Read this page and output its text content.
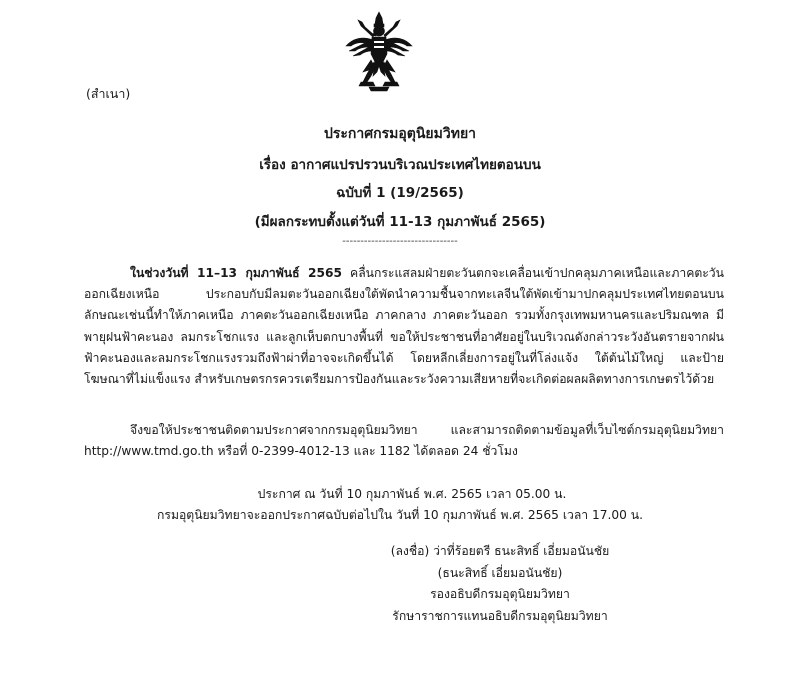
(สำเนา)
ประกาศกรมอุตุนิยมวิทยา
เรื่อง อากาศแปรปรวนบริเวณประเทศไทยตอนบน
ฉบับที่ 1 (19/2565)
(มีผลกระทบตั้งแต่วันที่ 11-13 กุมภาพันธ์ 2565)
--------------------------------

ในช่วงวันที่ 11–13 กุมภาพันธ์ 2565 คลื่นกระแสลมฝ่ายตะวันตกจะเคลื่อนเข้าปกคลุมภาคเหนือและภาคตะวันออกเฉียงเหนือ ประกอบกับมีลมตะวันออกเฉียงใต้พัดนำความชื้นจากทะเลจีนใต้พัดเข้ามาปกคลุมประเทศไทยตอนบน ลักษณะเช่นนี้ทำให้ภาคเหนือ ภาคตะวันออกเฉียงเหนือ ภาคกลาง ภาคตะวันออก รวมทั้งกรุงเทพมหานครและปริมณฑล มีพายุฝนฟ้าคะนอง ลมกระโชกแรง และลูกเห็บตกบางพื้นที่ ขอให้ประชาชนที่อาศัยอยู่ในบริเวณดังกล่าวระวังอันตรายจากฝนฟ้าคะนองและลมกระโชกแรงรวมถึงฟ้าผ่าที่อาจจะเกิดขึ้นได้ โดยหลีกเลี่ยงการอยู่ในที่โล่งแจ้ง ใต้ต้นไม้ใหญ่ และป้ายโฆษณาที่ไม่แข็งแรง สำหรับเกษตรกรควรเตรียมการป้องกันและระวังความเสียหายที่จะเกิดต่อผลผลิตทางการเกษตรไว้ด้วย

จึงขอให้ประชาชนติดตามประกาศจากกรมอุตุนิยมวิทยา และสามารถติดตามข้อมูลที่เว็บไซต์กรมอุตุนิยมวิทยา http://www.tmd.go.th หรือที่ 0-2399-4012-13 และ 1182 ได้ตลอด 24 ชั่วโมง

ประกาศ ณ วันที่ 10 กุมภาพันธ์ พ.ศ. 2565 เวลา 05.00 น.
กรมอุตุนิยมวิทยาจะออกประกาศฉบับต่อไปใน วันที่ 10 กุมภาพันธ์ พ.ศ. 2565 เวลา 17.00 น.
(ลงชื่อ) ว่าที่ร้อยตรี ธนะสิทธิ์ เอี่ยมอนันชัย
(ธนะสิทธิ์ เอี่ยมอนันชัย)
รองอธิบดีกรมอุตุนิยมวิทยา
รักษาราชการแทนอธิบดีกรมอุตุนิยมวิทยา
